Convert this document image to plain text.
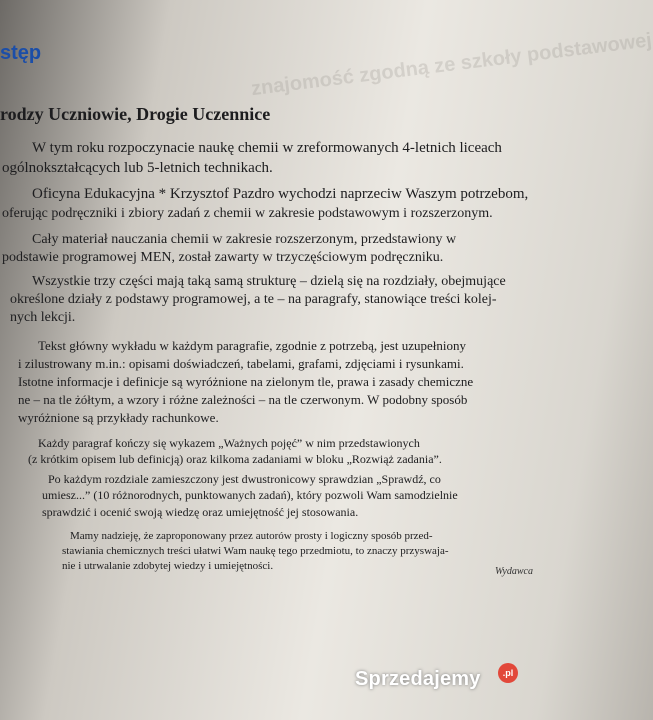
znajomość zgodną ze szkoły podstawowej
stęp
rodzy Uczniowie, Drogie Uczennice
W tym roku rozpoczynacie naukę chemii w zreformowanych 4-letnich liceach
ogólnokształcących lub 5-letnich technikach.
Oficyna Edukacyjna * Krzysztof Pazdro wychodzi naprzeciw Waszym potrzebom,
oferując podręczniki i zbiory zadań z chemii w zakresie podstawowym i rozszerzonym.
Cały materiał nauczania chemii w zakresie rozszerzonym, przedstawiony w
podstawie programowej MEN, został zawarty w trzyczęściowym podręczniku.
Wszystkie trzy części mają taką samą strukturę – dzielą się na rozdziały, obejmujące
określone działy z podstawy programowej, a te – na paragrafy, stanowiące treści kolej-
nych lekcji.
Tekst główny wykładu w każdym paragrafie, zgodnie z potrzebą, jest uzupełniony
i zilustrowany m.in.: opisami doświadczeń, tabelami, grafami, zdjęciami i rysunkami.
Istotne informacje i definicje są wyróżnione na zielonym tle, prawa i zasady chemiczne
ne – na tle żółtym, a wzory i różne zależności – na tle czerwonym. W podobny sposób
wyróżnione są przykłady rachunkowe.
Każdy paragraf kończy się wykazem „Ważnych pojęć” w nim przedstawionych
(z krótkim opisem lub definicją) oraz kilkoma zadaniami w bloku „Rozwiąż zadania”.
Po każdym rozdziale zamieszczony jest dwustronicowy sprawdzian „Sprawdź, co
umiesz...” (10 różnorodnych, punktowanych zadań), który pozwoli Wam samodzielnie
sprawdzić i ocenić swoją wiedzę oraz umiejętność jej stosowania.
Mamy nadzieję, że zaproponowany przez autorów prosty i logiczny sposób przed-
stawiania chemicznych treści ułatwi Wam naukę tego przedmiotu, to znaczy przyswaja-
nie i utrwalanie zdobytej wiedzy i umiejętności.	Wydawca
Sprzedajemy	.pl
